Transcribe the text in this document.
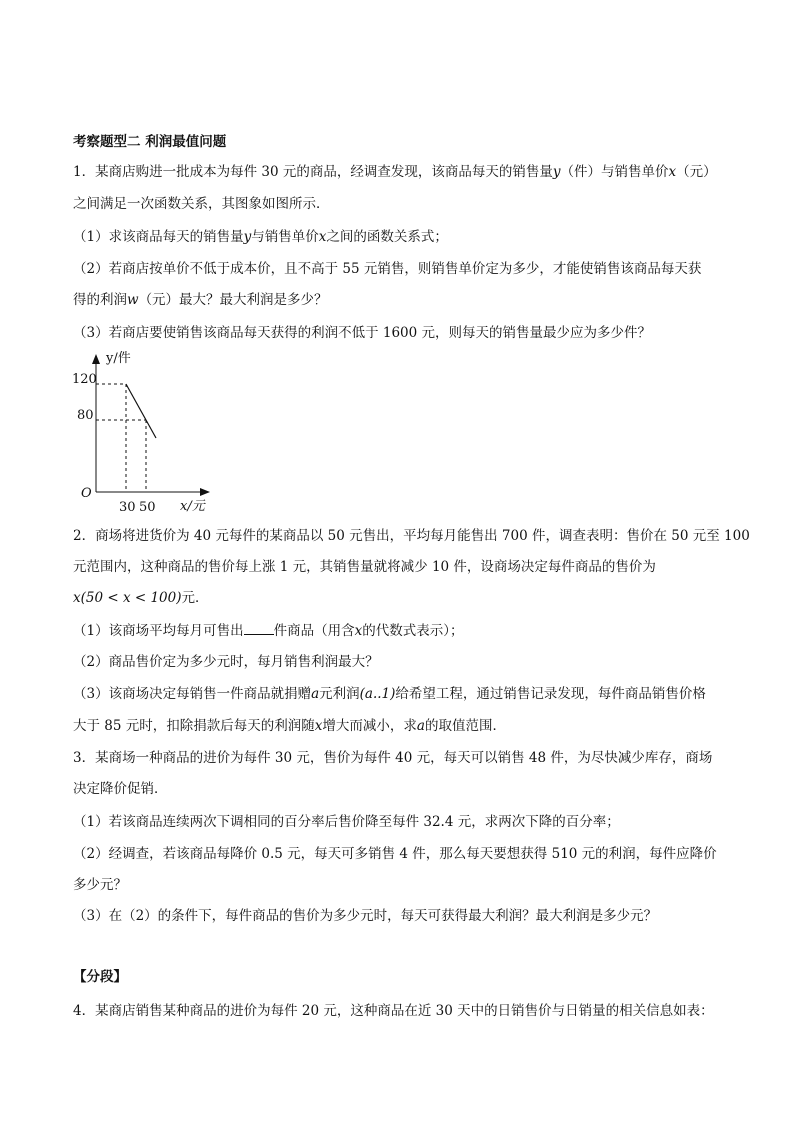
考察题型二 利润最值问题
1．某商店购进一批成本为每件 30 元的商品，经调查发现，该商品每天的销售量y（件）与销售单价x（元）
之间满足一次函数关系，其图象如图所示．
（1）求该商品每天的销售量y与销售单价x之间的函数关系式；
（2）若商店按单价不低于成本价，且不高于 55 元销售，则销售单价定为多少，才能使销售该商品每天获
得的利润w（元）最大？最大利润是多少？
（3）若商店要使销售该商品每天获得的利润不低于 1600 元，则每天的销售量最少应为多少件？
y/件
x/元
O
120
80
30 50
2．商场将进货价为 40 元每件的某商品以 50 元售出，平均每月能售出 700 件，调查表明：售价在 50 元至 100
元范围内，这种商品的售价每上涨 1 元，其销售量就将减少 10 件，设商场决定每件商品的售价为
x(50 < x < 100)元．
（1）该商场平均每月可售出 件商品（用含x的代数式表示）；
（2）商品售价定为多少元时，每月销售利润最大？
（3）该商场决定每销售一件商品就捐赠a元利润(a..1)给希望工程，通过销售记录发现，每件商品销售价格
大于 85 元时，扣除捐款后每天的利润随x增大而减小，求a的取值范围．
3．某商场一种商品的进价为每件 30 元，售价为每件 40 元，每天可以销售 48 件，为尽快减少库存，商场
决定降价促销．
（1）若该商品连续两次下调相同的百分率后售价降至每件 32.4 元，求两次下降的百分率；
（2）经调查，若该商品每降价 0.5 元，每天可多销售 4 件，那么每天要想获得 510 元的利润，每件应降价
多少元？
（3）在（2）的条件下，每件商品的售价为多少元时，每天可获得最大利润？最大利润是多少元？
【分段】
4．某商店销售某种商品的进价为每件 20 元，这种商品在近 30 天中的日销售价与日销量的相关信息如表：
